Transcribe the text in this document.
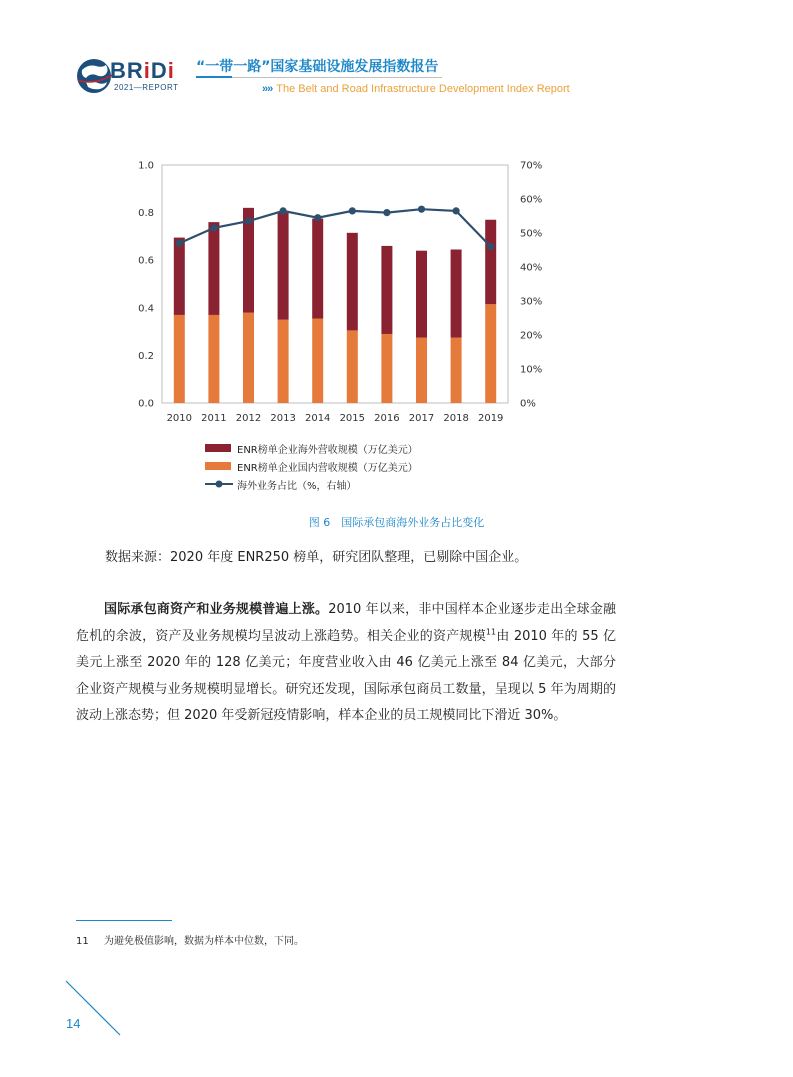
BRiDi
2021—REPORT
“一带一路”国家基础设施发展指数报告
»» The Belt and Road Infrastructure Development Index Report
0.0
0.2
0.4
0.6
0.8
1.0
0%
10%
20%
30%
40%
50%
60%
70%
2010 2011 2012 2013 2014 2015 2016 2017 2018 2019
ENR榜单企业海外营收规模（万亿美元）
ENR榜单企业国内营收规模（万亿美元）
海外业务占比（%，右轴）
图 6　国际承包商海外业务占比变化
数据来源：2020 年度 ENR250 榜单，研究团队整理，已剔除中国企业。

国际承包商资产和业务规模普遍上涨。2010 年以来，非中国样本企业逐步走出全球金融危机的余波，资产及业务规模均呈波动上涨趋势。相关企业的资产规模$^{11}$由 2010 年的 55 亿美元上涨至 2020 年的 128 亿美元；年度营业收入由 46 亿美元上涨至 84 亿美元，大部分企业资产规模与业务规模明显增长。研究还发现，国际承包商员工数量，呈现以 5 年为周期的波动上涨态势；但 2020 年受新冠疫情影响，样本企业的员工规模同比下滑近 30%。

11 为避免极值影响，数据为样本中位数，下同。
14
